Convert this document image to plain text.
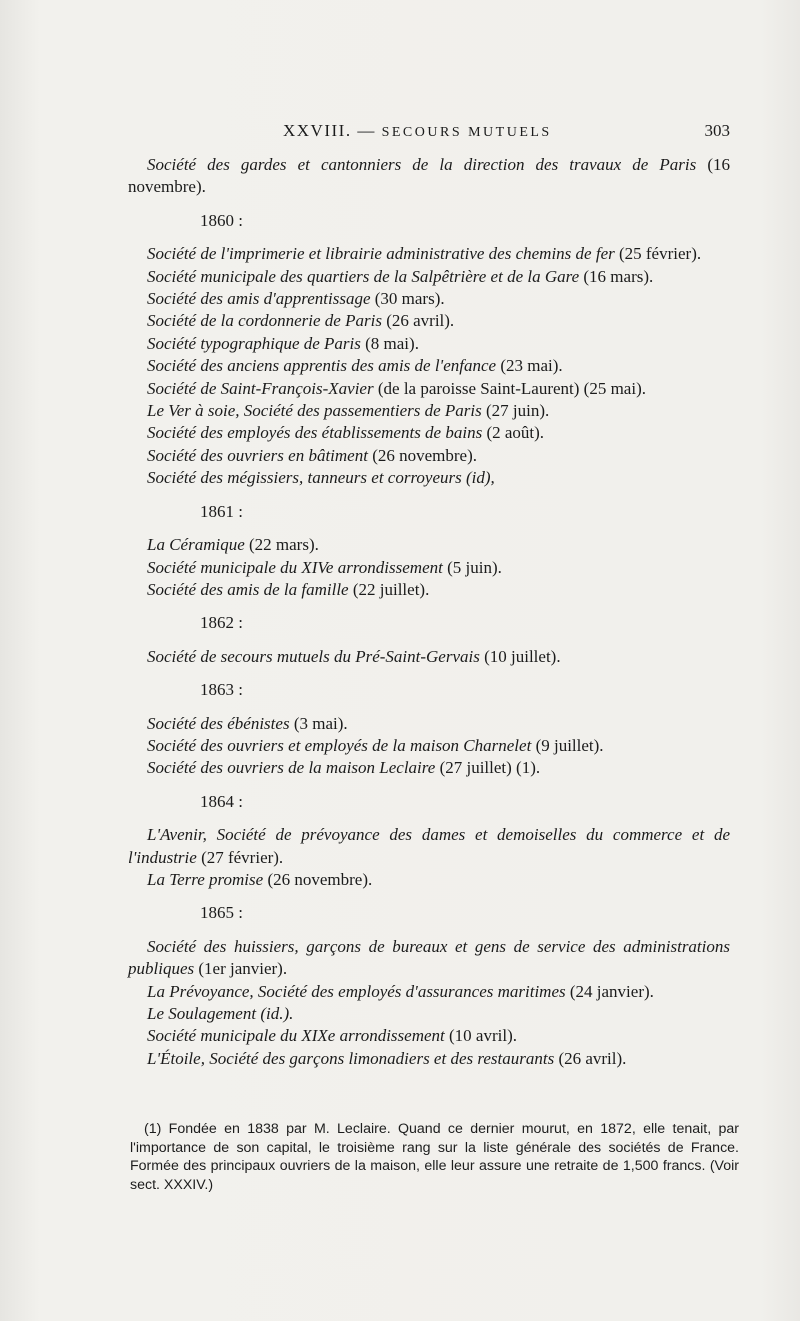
XXVIII. — SECOURS MUTUELS	303

Société des gardes et cantonniers de la direction des travaux de Paris (16 novembre).

1860 :

Société de l'imprimerie et librairie administrative des chemins de fer (25 février).

Société municipale des quartiers de la Salpêtrière et de la Gare (16 mars).

Société des amis d'apprentissage (30 mars).

Société de la cordonnerie de Paris (26 avril).

Société typographique de Paris (8 mai).

Société des anciens apprentis des amis de l'enfance (23 mai).

Société de Saint-François-Xavier (de la paroisse Saint-Laurent) (25 mai).

Le Ver à soie, Société des passementiers de Paris (27 juin).

Société des employés des établissements de bains (2 août).

Société des ouvriers en bâtiment (26 novembre).

Société des mégissiers, tanneurs et corroyeurs (id),

1861 :

La Céramique (22 mars).

Société municipale du XIVe arrondissement (5 juin).

Société des amis de la famille (22 juillet).

1862 :

Société de secours mutuels du Pré-Saint-Gervais (10 juillet).

1863 :

Société des ébénistes (3 mai).

Société des ouvriers et employés de la maison Charnelet (9 juillet).

Société des ouvriers de la maison Leclaire (27 juillet) (1).

1864 :

L'Avenir, Société de prévoyance des dames et demoiselles du commerce et de l'industrie (27 février).

La Terre promise (26 novembre).

1865 :

Société des huissiers, garçons de bureaux et gens de service des administrations publiques (1er janvier).

La Prévoyance, Société des employés d'assurances maritimes (24 janvier).

Le Soulagement (id.).

Société municipale du XIXe arrondissement (10 avril).

L'Étoile, Société des garçons limonadiers et des restaurants (26 avril).

(1) Fondée en 1838 par M. Leclaire. Quand ce dernier mourut, en 1872, elle tenait, par l'importance de son capital, le troisième rang sur la liste générale des sociétés de France. Formée des principaux ouvriers de la maison, elle leur assure une retraite de 1,500 francs. (Voir sect. XXXIV.)
